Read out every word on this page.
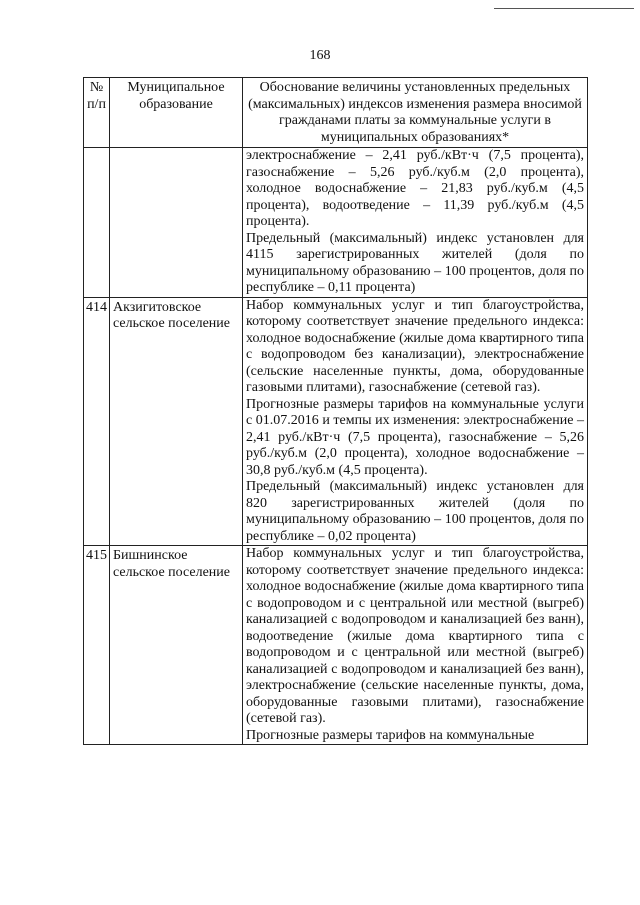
168
№ п/п	Муниципальное образование	Обоснование величины установленных предельных (максимальных) индексов изменения размера вносимой гражданами платы за коммунальные услуги в муниципальных образованиях*

		электроснабжение – 2,41 руб./кВт·ч (7,5 процента), газоснабжение – 5,26 руб./куб.м (2,0 процента), холодное водоснабжение – 21,83 руб./куб.м (4,5 процента), водоотведение – 11,39 руб./куб.м (4,5 процента).
Предельный (максимальный) индекс установлен для 4115 зарегистрированных жителей (доля по муниципальному образованию – 100 процентов, доля по республике – 0,11 процента)

414	Акзигитовское сельское поселение	Набор коммунальных услуг и тип благоустройства, которому соответствует значение предельного индекса: холодное водоснабжение (жилые дома квартирного типа с водопроводом без канализации), электроснабжение (сельские населенные пункты, дома, оборудованные газовыми плитами), газоснабжение (сетевой газ).
Прогнозные размеры тарифов на коммунальные услуги с 01.07.2016 и темпы их изменения: электроснабжение – 2,41 руб./кВт·ч (7,5 процента), газоснабжение – 5,26 руб./куб.м (2,0 процента), холодное водоснабжение – 30,8 руб./куб.м (4,5 процента).
Предельный (максимальный) индекс установлен для 820 зарегистрированных жителей (доля по муниципальному образованию – 100 процентов, доля по республике – 0,02 процента)

415	Бишнинское сельское поселение	Набор коммунальных услуг и тип благоустройства, которому соответствует значение предельного индекса: холодное водоснабжение (жилые дома квартирного типа с водопроводом и с центральной или местной (выгреб) канализацией с водопроводом и канализацией без ванн), водоотведение (жилые дома квартирного типа с водопроводом и с центральной или местной (выгреб) канализацией с водопроводом и канализацией без ванн), электроснабжение (сельские населенные пункты, дома, оборудованные газовыми плитами), газоснабжение (сетевой газ).
Прогнозные размеры тарифов на коммунальные
